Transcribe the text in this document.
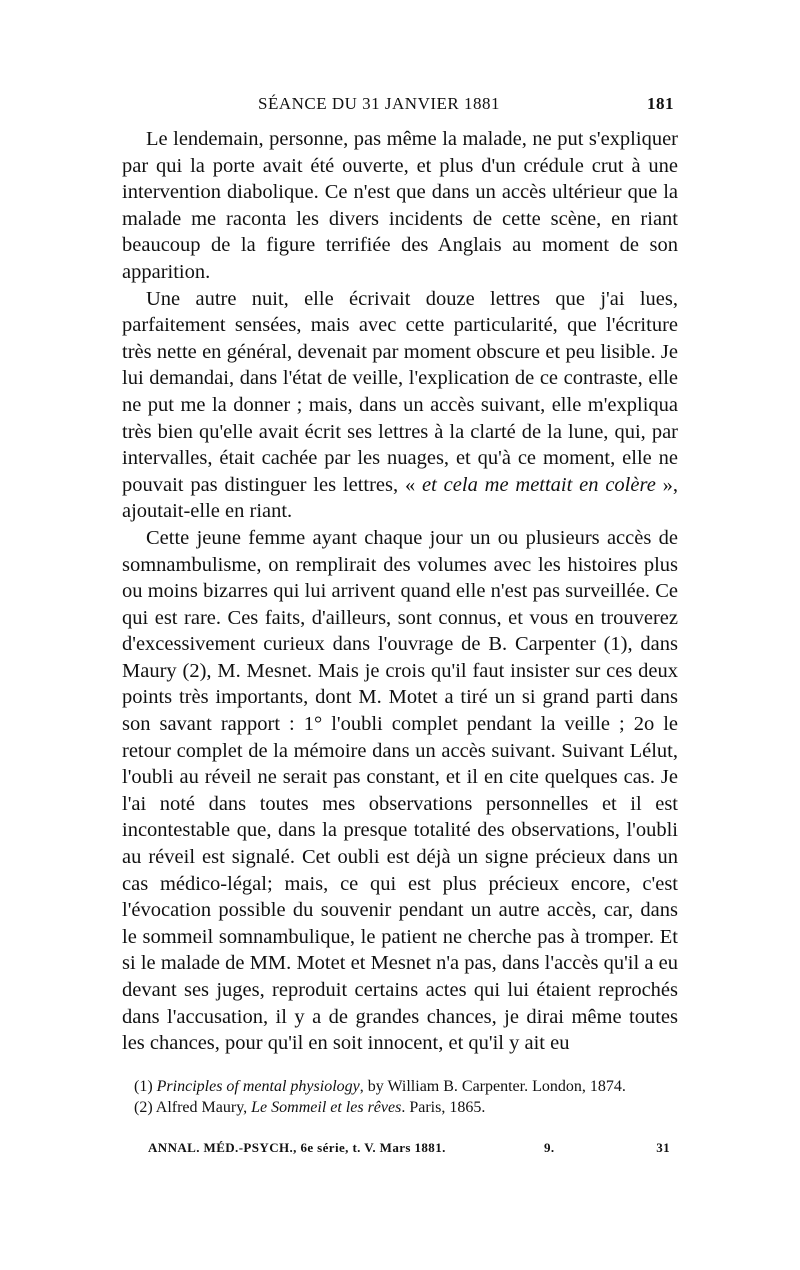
SÉANCE DU 31 JANVIER 1881	181

Le lendemain, personne, pas même la malade, ne put s'expliquer par qui la porte avait été ouverte, et plus d'un crédule crut à une intervention diabolique. Ce n'est que dans un accès ultérieur que la malade me raconta les divers incidents de cette scène, en riant beaucoup de la figure terrifiée des Anglais au moment de son apparition.

Une autre nuit, elle écrivait douze lettres que j'ai lues, parfaitement sensées, mais avec cette particularité, que l'écriture très nette en général, devenait par moment obscure et peu lisible. Je lui demandai, dans l'état de veille, l'explication de ce contraste, elle ne put me la donner ; mais, dans un accès suivant, elle m'expliqua très bien qu'elle avait écrit ses lettres à la clarté de la lune, qui, par intervalles, était cachée par les nuages, et qu'à ce moment, elle ne pouvait pas distinguer les lettres, « et cela me mettait en colère », ajoutait-elle en riant.

Cette jeune femme ayant chaque jour un ou plusieurs accès de somnambulisme, on remplirait des volumes avec les histoires plus ou moins bizarres qui lui arrivent quand elle n'est pas surveillée. Ce qui est rare. Ces faits, d'ailleurs, sont connus, et vous en trouverez d'excessivement curieux dans l'ouvrage de B. Carpenter (1), dans Maury (2), M. Mesnet. Mais je crois qu'il faut insister sur ces deux points très importants, dont M. Motet a tiré un si grand parti dans son savant rapport : 1° l'oubli complet pendant la veille ; 2o le retour complet de la mémoire dans un accès suivant. Suivant Lélut, l'oubli au réveil ne serait pas constant, et il en cite quelques cas. Je l'ai noté dans toutes mes observations personnelles et il est incontestable que, dans la presque totalité des observations, l'oubli au réveil est signalé. Cet oubli est déjà un signe précieux dans un cas médico-légal; mais, ce qui est plus précieux encore, c'est l'évocation possible du souvenir pendant un autre accès, car, dans le sommeil somnambulique, le patient ne cherche pas à tromper. Et si le malade de MM. Motet et Mesnet n'a pas, dans l'accès qu'il a eu devant ses juges, reproduit certains actes qui lui étaient reprochés dans l'accusation, il y a de grandes chances, je dirai même toutes les chances, pour qu'il en soit innocent, et qu'il y ait eu

(1) Principles of mental physiology, by William B. Carpenter. London, 1874.

(2) Alfred Maury, Le Sommeil et les rêves. Paris, 1865.

ANNAL. MÉD.-PSYCH., 6e série, t. V. Mars 1881.	9.	31
